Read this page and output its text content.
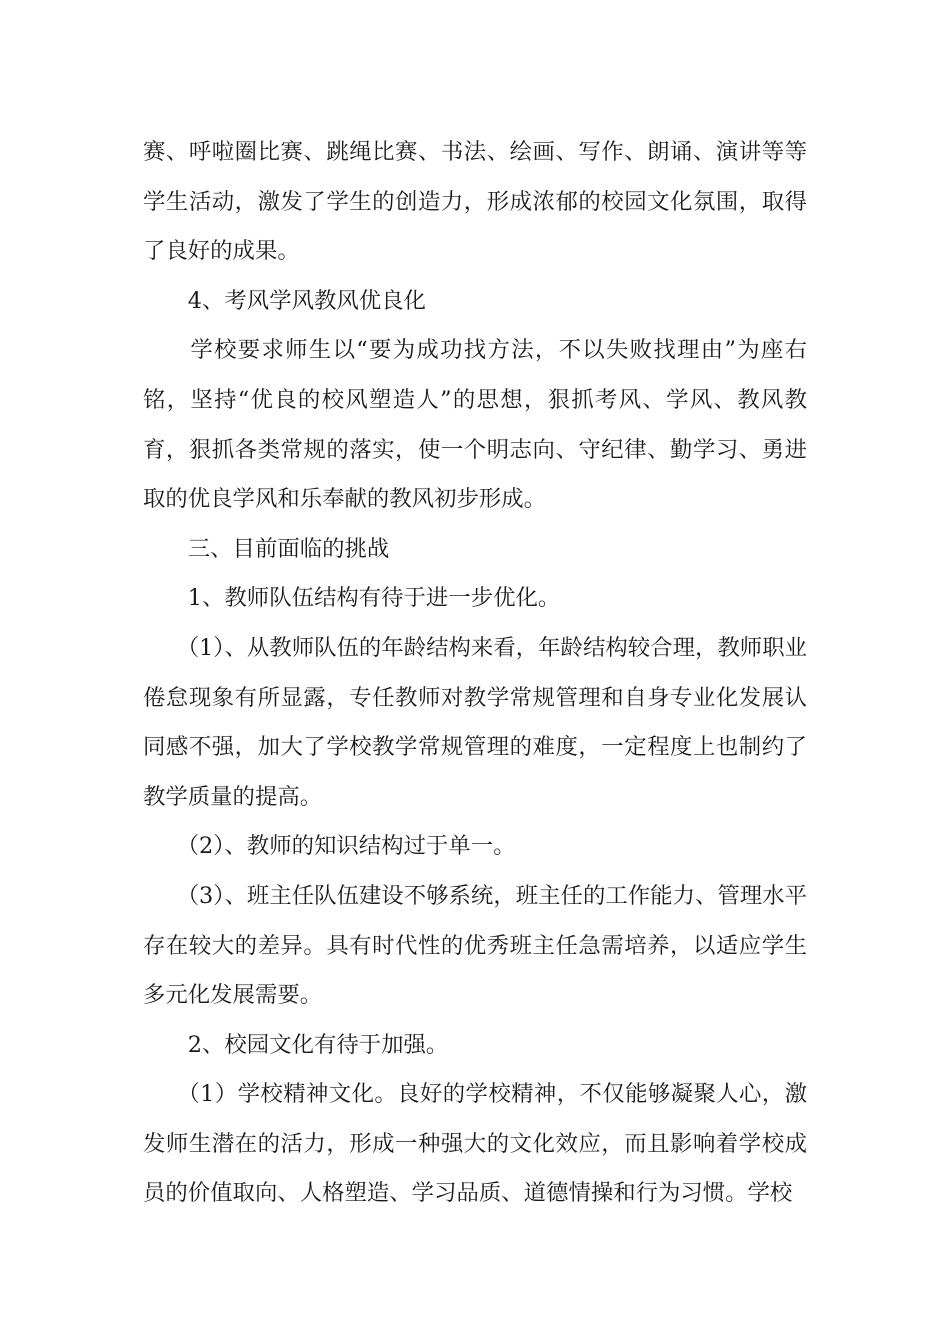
赛、呼啦圈比赛、跳绳比赛、书法、绘画、写作、朗诵、演讲等等学生活动，激发了学生的创造力，形成浓郁的校园文化氛围，取得了良好的成果。

　　4、考风学风教风优良化

　　学校要求师生以“要为成功找方法，不以失败找理由”为座右铭，坚持“优良的校风塑造人”的思想，狠抓考风、学风、教风教育，狠抓各类常规的落实，使一个明志向、守纪律、勤学习、勇进取的优良学风和乐奉献的教风初步形成。

　　三、目前面临的挑战

　　1、教师队伍结构有待于进一步优化。

　　（1）、从教师队伍的年龄结构来看，年龄结构较合理，教师职业倦怠现象有所显露，专任教师对教学常规管理和自身专业化发展认同感不强，加大了学校教学常规管理的难度，一定程度上也制约了教学质量的提高。

　　（2）、教师的知识结构过于单一。

　　（3）、班主任队伍建设不够系统，班主任的工作能力、管理水平存在较大的差异。具有时代性的优秀班主任急需培养，以适应学生多元化发展需要。

　　2、校园文化有待于加强。

　　（1）学校精神文化。良好的学校精神，不仅能够凝聚人心，激发师生潜在的活力，形成一种强大的文化效应，而且影响着学校成员的价值取向、人格塑造、学习品质、道德情操和行为习惯。学校
